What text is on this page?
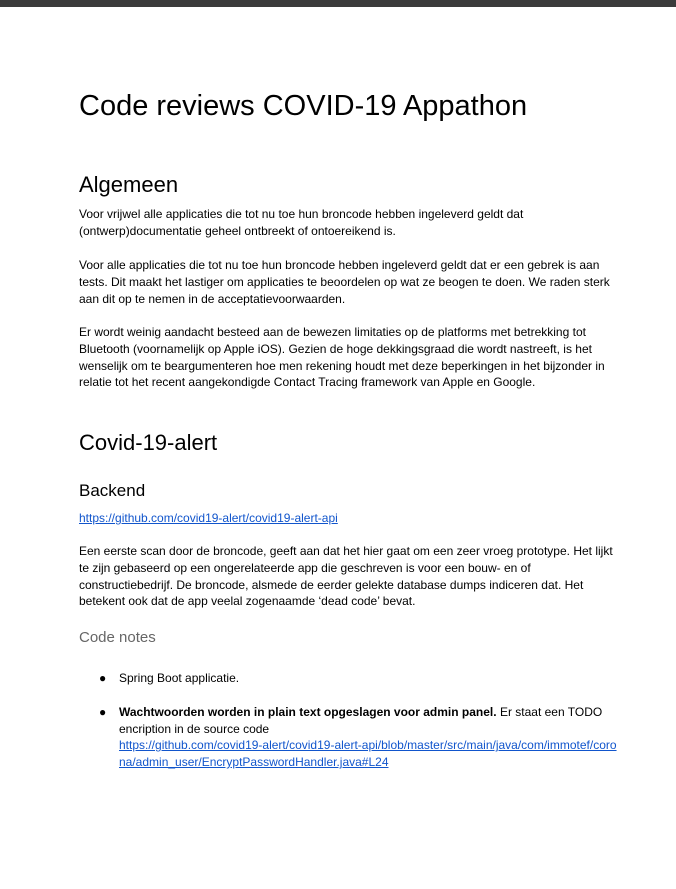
Code reviews COVID-19 Appathon
Algemeen

Voor vrijwel alle applicaties die tot nu toe hun broncode hebben ingeleverd geldt dat (ontwerp)documentatie geheel ontbreekt of ontoereikend is.

Voor alle applicaties die tot nu toe hun broncode hebben ingeleverd geldt dat er een gebrek is aan tests. Dit maakt het lastiger om applicaties te beoordelen op wat ze beogen te doen. We raden sterk aan dit op te nemen in de acceptatievoorwaarden.

Er wordt weinig aandacht besteed aan de bewezen limitaties op de platforms met betrekking tot Bluetooth (voornamelijk op Apple iOS). Gezien de hoge dekkingsgraad die wordt nastreeft, is het wenselijk om te beargumenteren hoe men rekening houdt met deze beperkingen in het bijzonder in relatie tot het recent aangekondigde Contact Tracing framework van Apple en Google.

Covid-19-alert
Backend

https://github.com/covid19-alert/covid19-alert-api

Een eerste scan door de broncode, geeft aan dat het hier gaat om een zeer vroeg prototype. Het lijkt te zijn gebaseerd op een ongerelateerde app die geschreven is voor een bouw- en of constructiebedrijf. De broncode, alsmede de eerder gelekte database dumps indiceren dat. Het betekent ook dat de app veelal zogenaamde ‘dead code’ bevat.

Code notes
● Spring Boot applicatie.
● Wachtwoorden worden in plain text opgeslagen voor admin panel. Er staat een TODO encription in de source code
https://github.com/covid19-alert/covid19-alert-api/blob/master/src/main/java/com/immotef/corona/admin_user/EncryptPasswordHandler.java#L24
